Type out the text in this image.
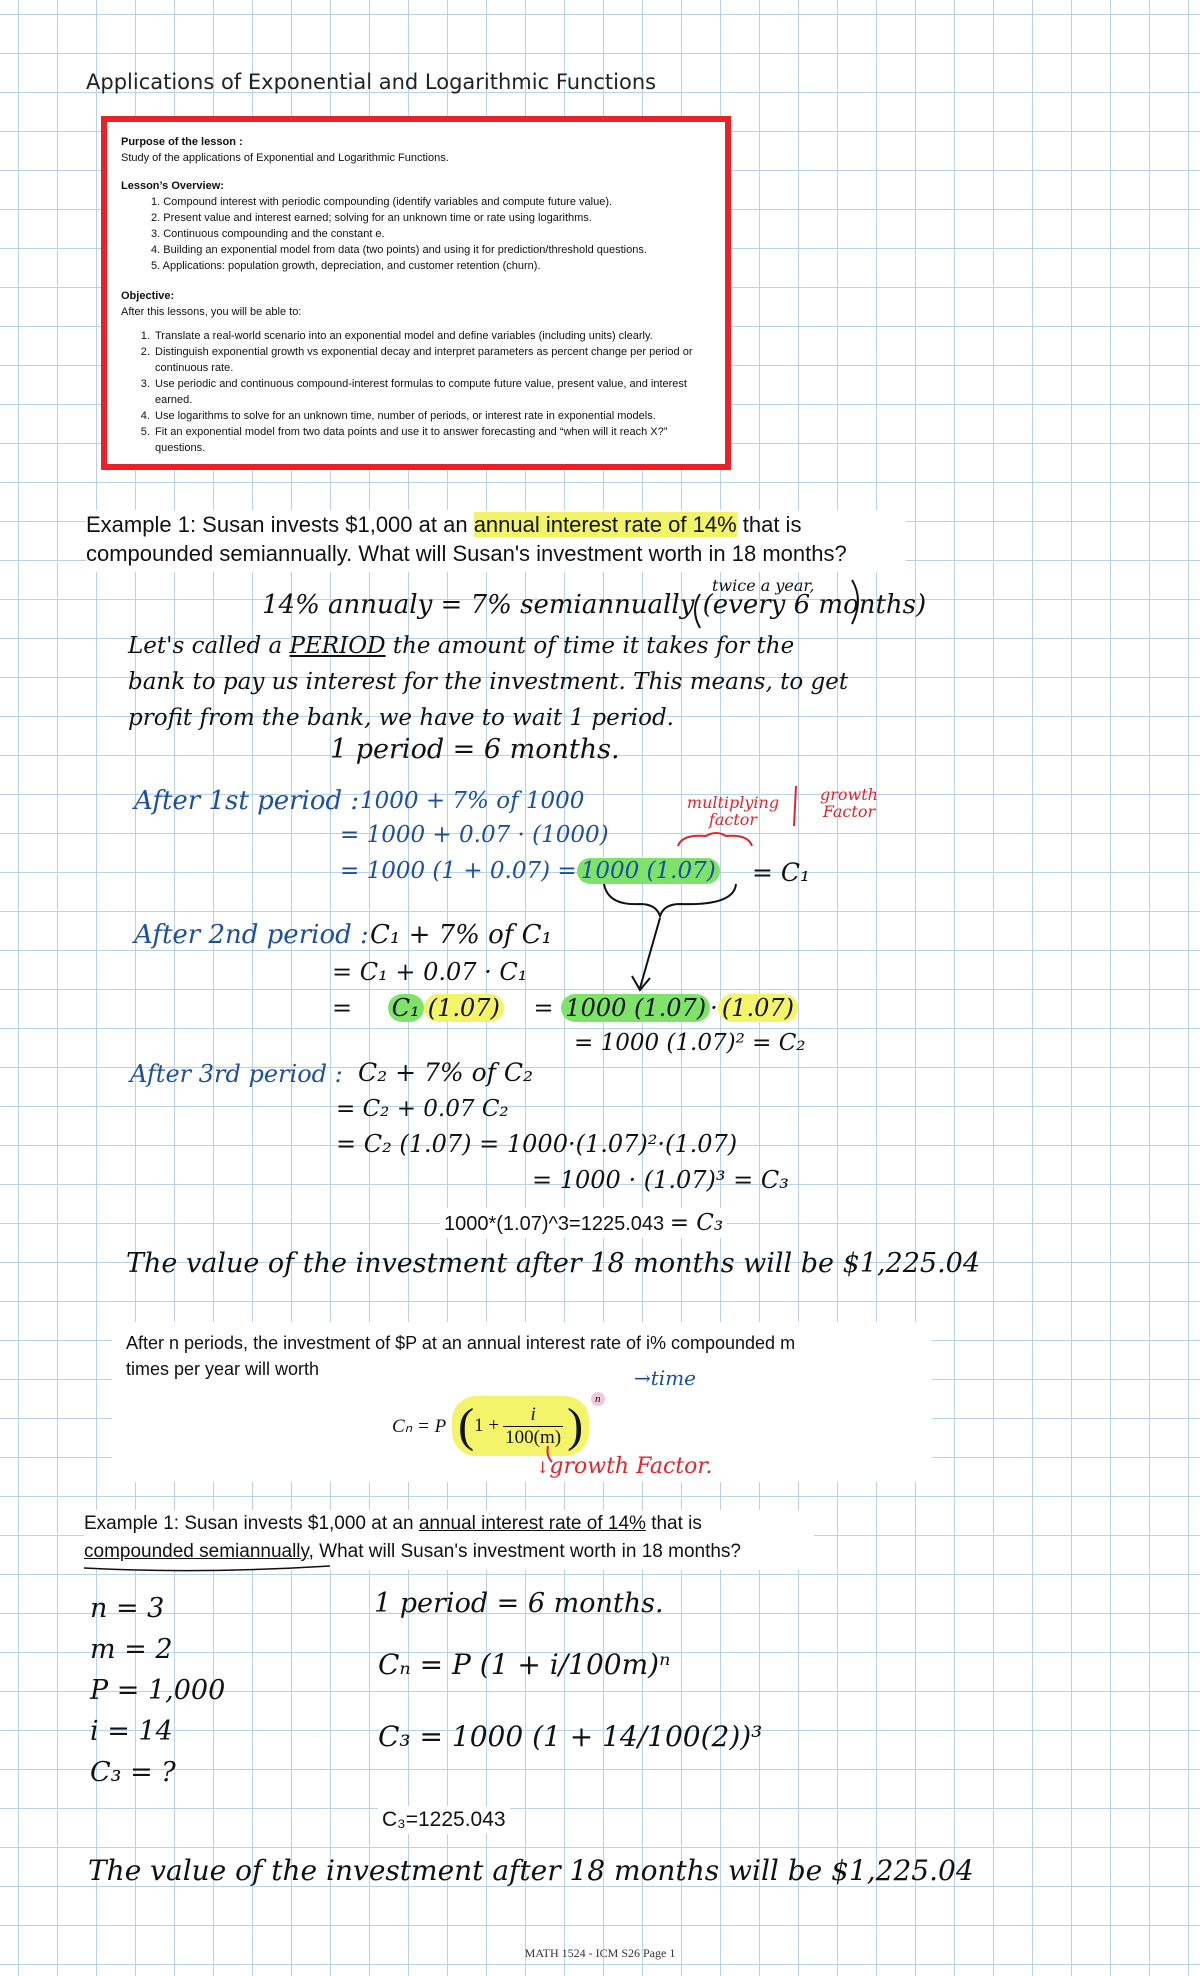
Applications of Exponential and Logarithmic Functions
Purpose of the lesson :
Study of the applications of Exponential and Logarithmic Functions.
Lesson’s Overview:
1. Compound interest with periodic compounding (identify variables and compute future value).
2. Present value and interest earned; solving for an unknown time or rate using logarithms.
3. Continuous compounding and the constant e.
4. Building an exponential model from data (two points) and using it for prediction/threshold questions.
5. Applications: population growth, depreciation, and customer retention (churn).
Objective:
After this lessons, you will be able to:
1. Translate a real-world scenario into an exponential model and define variables (including units) clearly.
2. Distinguish exponential growth vs exponential decay and interpret parameters as percent change per period or continuous rate.
3. Use periodic and continuous compound-interest formulas to compute future value, present value, and interest earned.
4. Use logarithms to solve for an unknown time, number of periods, or interest rate in exponential models.
5. Fit an exponential model from two data points and use it to answer forecasting and “when will it reach X?” questions.
Example 1: Susan invests $1,000 at an annual interest rate of 14% that is compounded semiannually. What will Susan's investment worth in 18 months?
14% annualy = 7% semiannually (every 6 months)
twice a year,
Let's called a PERIOD the amount of time it takes for the bank to pay us interest for the investment. This means, to get profit from the bank, we have to wait 1 period.
1 period = 6 months.
After 1st period : 1000 + 7% of 1000
= 1000 + 0.07 · (1000)
= 1000 (1 + 0.07) = 1000 (1.07) = C₁
multiplying factor
growth Factor
After 2nd period : C₁ + 7% of C₁
= C₁ + 0.07 · C₁
= C₁ (1.07) = 1000 (1.07) · (1.07)
= 1000 (1.07)² = C₂
After 3rd period : C₂ + 7% of C₂
= C₂ + 0.07 C₂
= C₂ (1.07) = 1000·(1.07)²·(1.07)
= 1000 · (1.07)³ = C₃
1000*(1.07)^3=1225.043 = C₃
The value of the investment after 18 months will be $1,225.04
After n periods, the investment of $P at an annual interest rate of i% compounded m
times per year will worth
Cₙ = P ( $1 + \frac{i}{100(m)}$ )	n
→time
↓growth Factor.
Example 1: Susan invests $1,000 at an annual interest rate of 14% that is
compounded semiannually, What will Susan's investment worth in 18 months?
n = 3
m = 2
P = 1,000
i = 14
C₃ = ?
1 period = 6 months.
Cₙ = P (1 + i/100m)ⁿ
C₃ = 1000 (1 + 14/100(2))³
C₃=1225.043
The value of the investment after 18 months will be $1,225.04
MATH 1524 - ICM S26 Page 1
